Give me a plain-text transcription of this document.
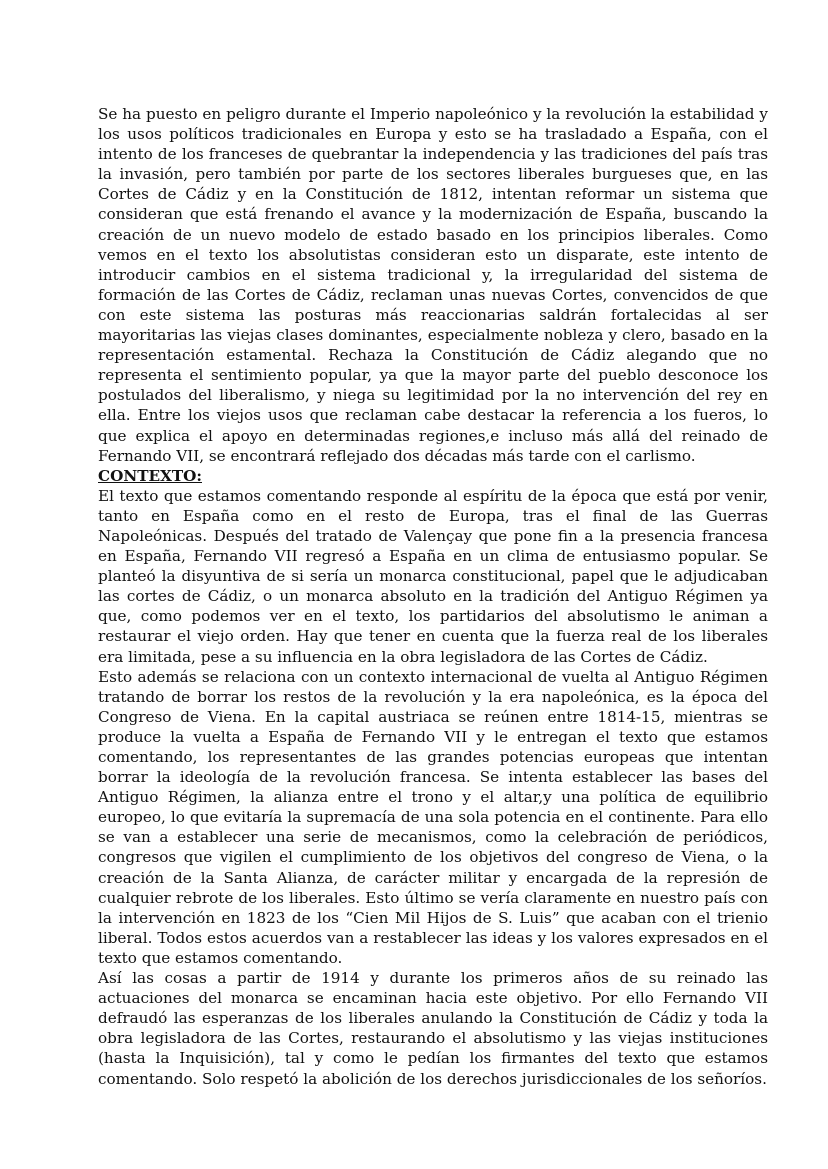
Se ha puesto en peligro durante el Imperio napoleónico y la revolución la estabilidad y los usos políticos tradicionales en Europa y esto se ha trasladado a España, con el intento de los franceses de quebrantar la independencia y las tradiciones del país tras la invasión, pero también por parte de los sectores liberales burgueses que, en las Cortes de Cádiz y en la Constitución de 1812, intentan reformar un sistema que consideran que está frenando el avance y la modernización de España, buscando la creación de un nuevo modelo de estado basado en los principios liberales. Como vemos en el texto los absolutistas consideran esto un disparate, este intento de introducir cambios en el sistema tradicional y, la irregularidad del sistema de formación de las Cortes de Cádiz, reclaman unas nuevas Cortes, convencidos de que con este sistema las posturas más reaccionarias saldrán fortalecidas al ser mayoritarias las viejas clases dominantes, especialmente nobleza y clero, basado en la representación estamental. Rechaza la Constitución de Cádiz alegando que no representa el sentimiento popular, ya que la mayor parte del pueblo desconoce los postulados del liberalismo, y niega su legitimidad por la no intervención del rey en ella. Entre los viejos usos que reclaman cabe destacar la referencia a los fueros, lo que explica el apoyo en determinadas regiones,e incluso más allá del reinado de Fernando VII, se encontrará reflejado dos décadas más tarde con el carlismo.

CONTEXTO:

El texto que estamos comentando responde al espíritu de la época que está por venir, tanto en España como en el resto de Europa, tras el final de las Guerras Napoleónicas. Después del tratado de Valençay que pone fin a la presencia francesa en España, Fernando VII regresó a España en un clima de entusiasmo popular. Se planteó la disyuntiva de si sería un monarca constitucional, papel que le adjudicaban las cortes de Cádiz, o un monarca absoluto en la tradición del Antiguo Régimen ya que, como podemos ver en el texto, los partidarios del absolutismo le animan a restaurar el viejo orden. Hay que tener en cuenta que la fuerza real de los liberales era limitada, pese a su influencia en la obra legisladora de las Cortes de Cádiz.

Esto además se relaciona con un contexto internacional de vuelta al Antiguo Régimen tratando de borrar los restos de la revolución y la era napoleónica, es la época del Congreso de Viena. En la capital austriaca se reúnen entre 1814-15, mientras se produce la vuelta a España de Fernando VII y le entregan el texto que estamos comentando, los representantes de las grandes potencias europeas que intentan borrar la ideología de la revolución francesa. Se intenta establecer las bases del Antiguo Régimen, la alianza entre el trono y el altar,y una política de equilibrio europeo, lo que evitaría la supremacía de una sola potencia en el continente. Para ello se van a establecer una serie de mecanismos, como la celebración de periódicos, congresos que vigilen el cumplimiento de los objetivos del congreso de Viena, o la creación de la Santa Alianza, de carácter militar y encargada de la represión de cualquier rebrote de los liberales. Esto último se vería claramente en nuestro país con la intervención en 1823 de los “Cien Mil Hijos de S. Luis” que acaban con el trienio liberal. Todos estos acuerdos van a restablecer las ideas y los valores expresados en el texto que estamos comentando.

Así las cosas a partir de 1914 y durante los primeros años de su reinado las actuaciones del monarca se encaminan hacia este objetivo. Por ello Fernando VII defraudó las esperanzas de los liberales anulando la Constitución de Cádiz y toda la obra legisladora de las Cortes, restaurando el absolutismo y las viejas instituciones (hasta la Inquisición), tal y como le pedían los firmantes del texto que estamos comentando. Solo respetó la abolición de los derechos jurisdiccionales de los señoríos.
